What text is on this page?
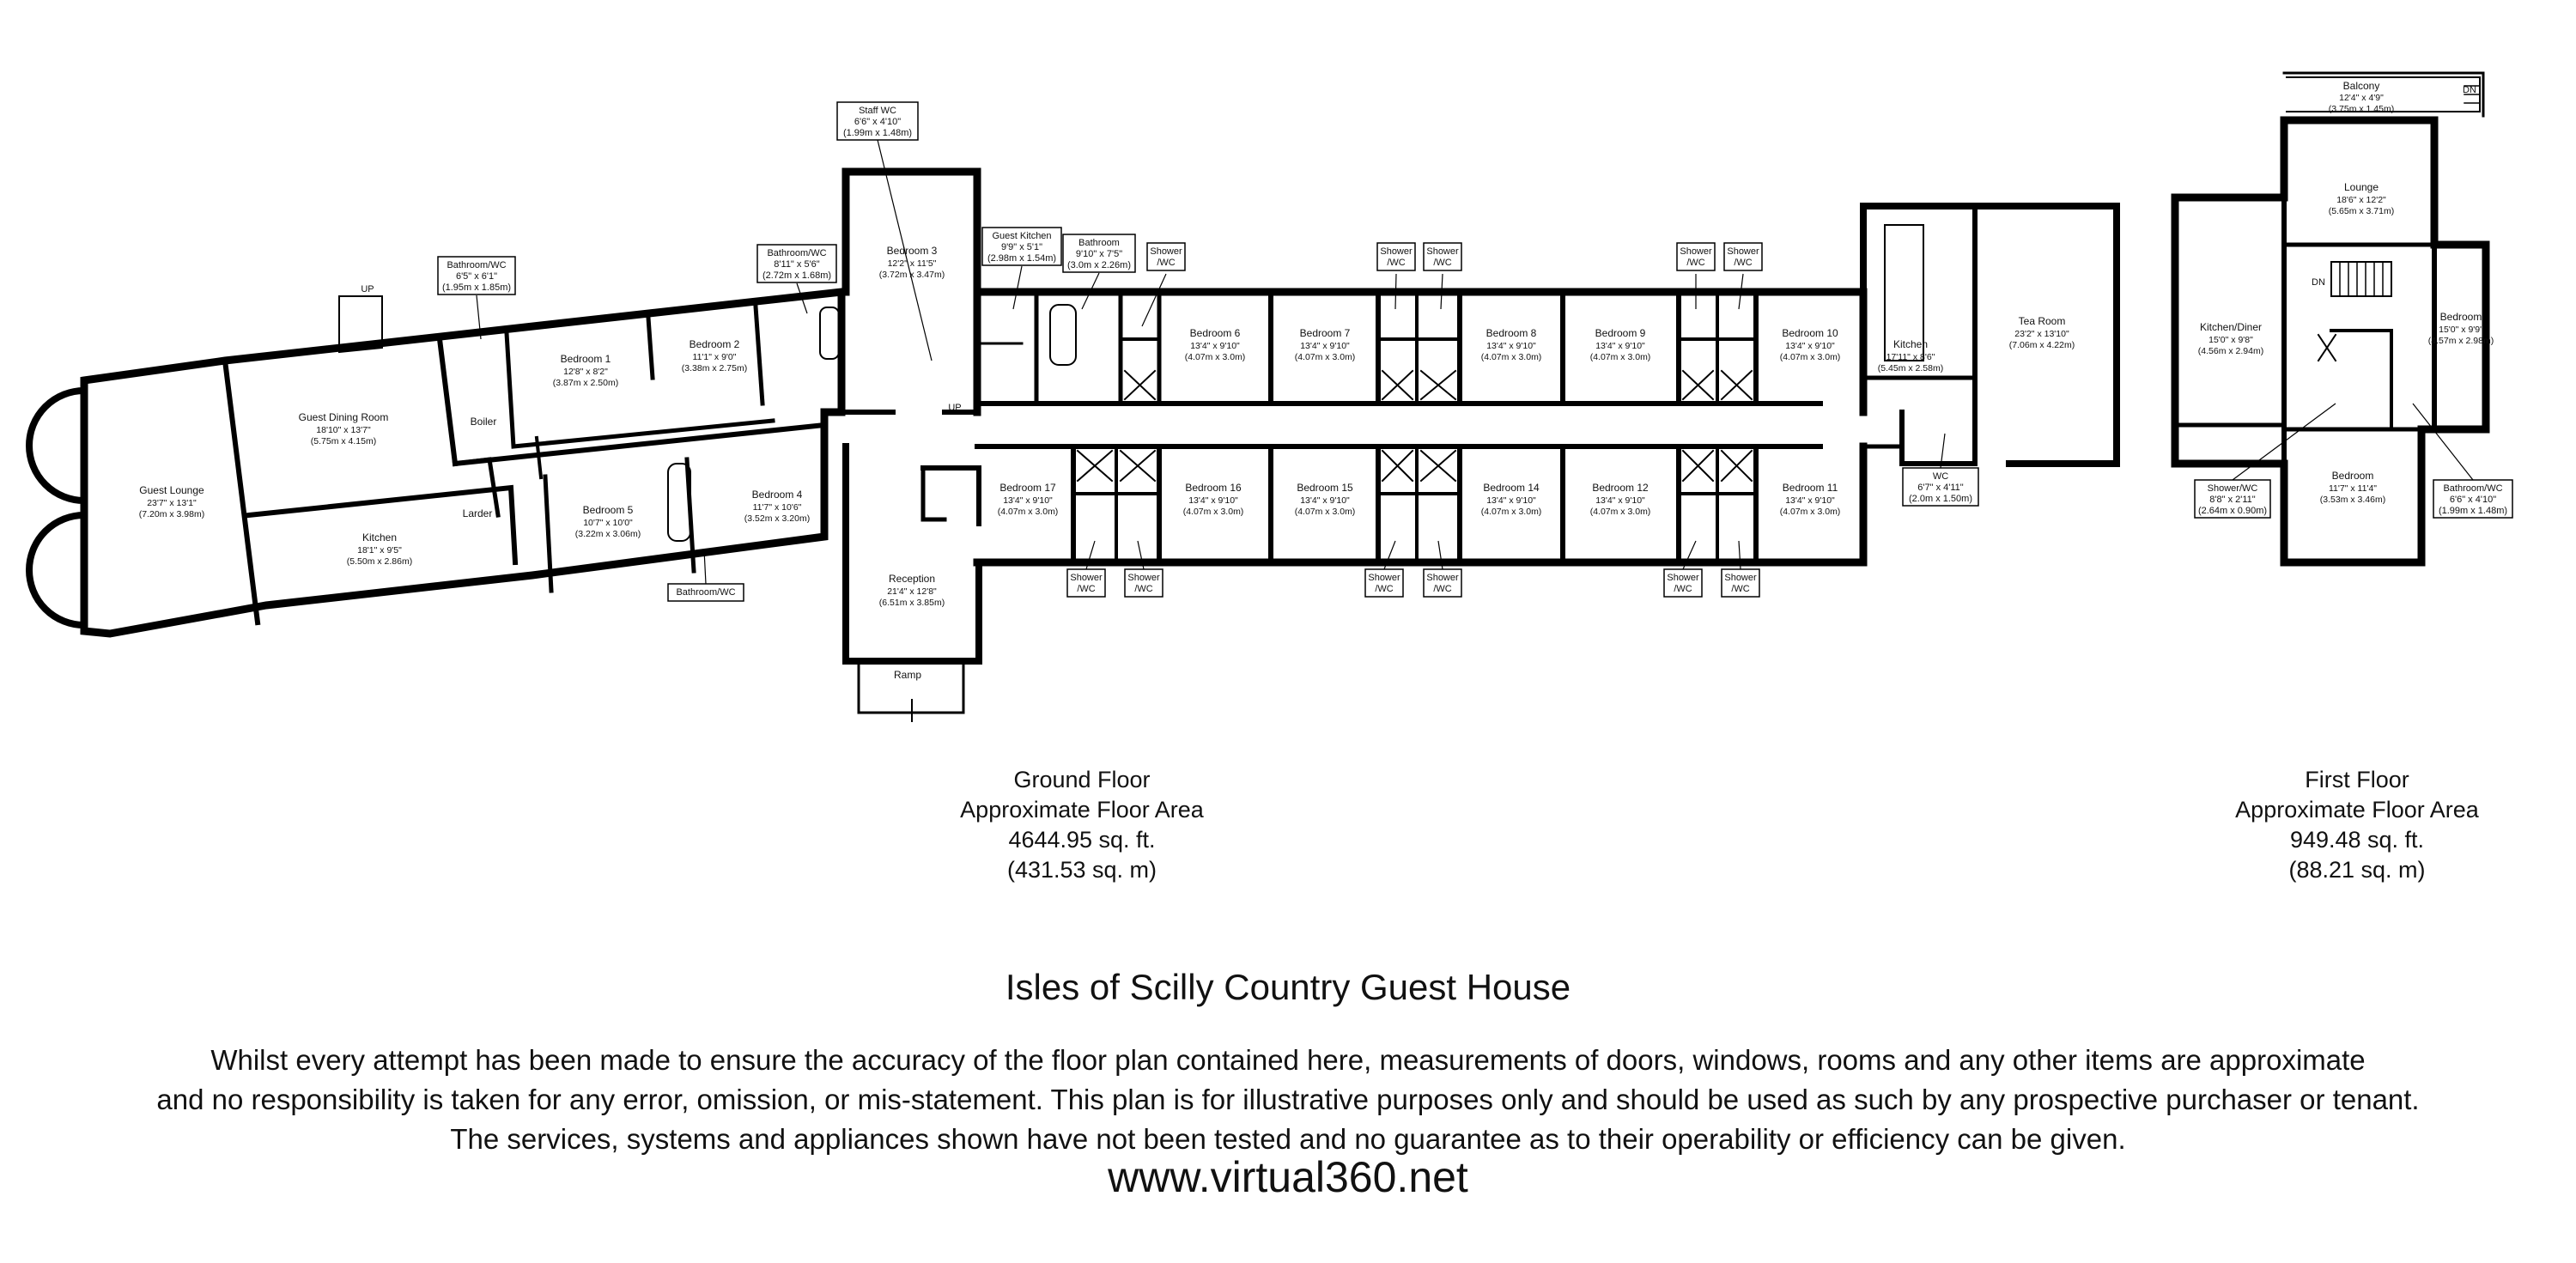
Guest Lounge
23'7" x 13'1"
(7.20m x 3.98m)
Guest Dining Room
18'10" x 13'7"
(5.75m x 4.15m)
Kitchen
18'1" x 9'5"
(5.50m x 2.86m)
Larder
Boiler
Bedroom 1
12'8" x 8'2"
(3.87m x 2.50m)
Bedroom 2
11'1" x 9'0"
(3.38m x 2.75m)
Bedroom 5
10'7" x 10'0"
(3.22m x 3.06m)
Bedroom 4
11'7" x 10'6"
(3.52m x 3.20m)
Bedroom 3
12'2" x 11'5"
(3.72m x 3.47m)
Reception
21'4" x 12'8"
(6.51m x 3.85m)
Ramp
Bedroom 6
13'4" x 9'10"
(4.07m x 3.0m)
Bedroom 7
13'4" x 9'10"
(4.07m x 3.0m)
Bedroom 8
13'4" x 9'10"
(4.07m x 3.0m)
Bedroom 9
13'4" x 9'10"
(4.07m x 3.0m)
Bedroom 10
13'4" x 9'10"
(4.07m x 3.0m)
Bedroom 17
13'4" x 9'10"
(4.07m x 3.0m)
Bedroom 16
13'4" x 9'10"
(4.07m x 3.0m)
Bedroom 15
13'4" x 9'10"
(4.07m x 3.0m)
Bedroom 14
13'4" x 9'10"
(4.07m x 3.0m)
Bedroom 12
13'4" x 9'10"
(4.07m x 3.0m)
Bedroom 11
13'4" x 9'10"
(4.07m x 3.0m)
Kitchen
17'11" x 8'6"
(5.45m x 2.58m)
Tea Room
23'2" x 13'10"
(7.06m x 4.22m)
Balcony
12'4" x 4'9"
(3.75m x 1.45m)
Lounge
18'6" x 12'2"
(5.65m x 3.71m)
Kitchen/Diner
15'0" x 9'8"
(4.56m x 2.94m)
Bedroom
15'0" x 9'9"
(4.57m x 2.98m)
Bedroom
11'7" x 11'4"
(3.53m x 3.46m)
Bathroom/WC
6'5" x 6'1"
(1.95m x 1.85m)
Bathroom/WC
8'11" x 5'6"
(2.72m x 1.68m)
Staff WC
6'6" x 4'10"
(1.99m x 1.48m)
Guest Kitchen
9'9" x 5'1"
(2.98m x 1.54m)
Bathroom
9'10" x 7'5"
(3.0m x 2.26m)
Shower
/WC
Shower
/WC
Shower
/WC
Shower
/WC
Shower
/WC
Bathroom/WC
Shower
/WC
Shower
/WC
Shower
/WC
Shower
/WC
Shower
/WC
Shower
/WC
WC
6'7" x 4'11"
(2.0m x 1.50m)
Shower/WC
8'8" x 2'11"
(2.64m x 0.90m)
Bathroom/WC
6'6" x 4'10"
(1.99m x 1.48m)
UP
UP
DN
DN
Ground Floor
Approximate Floor Area
4644.95 sq. ft.
(431.53 sq. m)
First Floor
Approximate Floor Area
949.48 sq. ft.
(88.21 sq. m)
Isles of Scilly Country Guest House
Whilst every attempt has been made to ensure the accuracy of the floor plan contained here, measurements of doors, windows, rooms and any other items are approximate
and no responsibility is taken for any error, omission, or mis-statement. This plan is for illustrative purposes only and should be used as such by any prospective purchaser or tenant.
The services, systems and appliances shown have not been tested and no guarantee as to their operability or efficiency can be given.
www.virtual360.net
